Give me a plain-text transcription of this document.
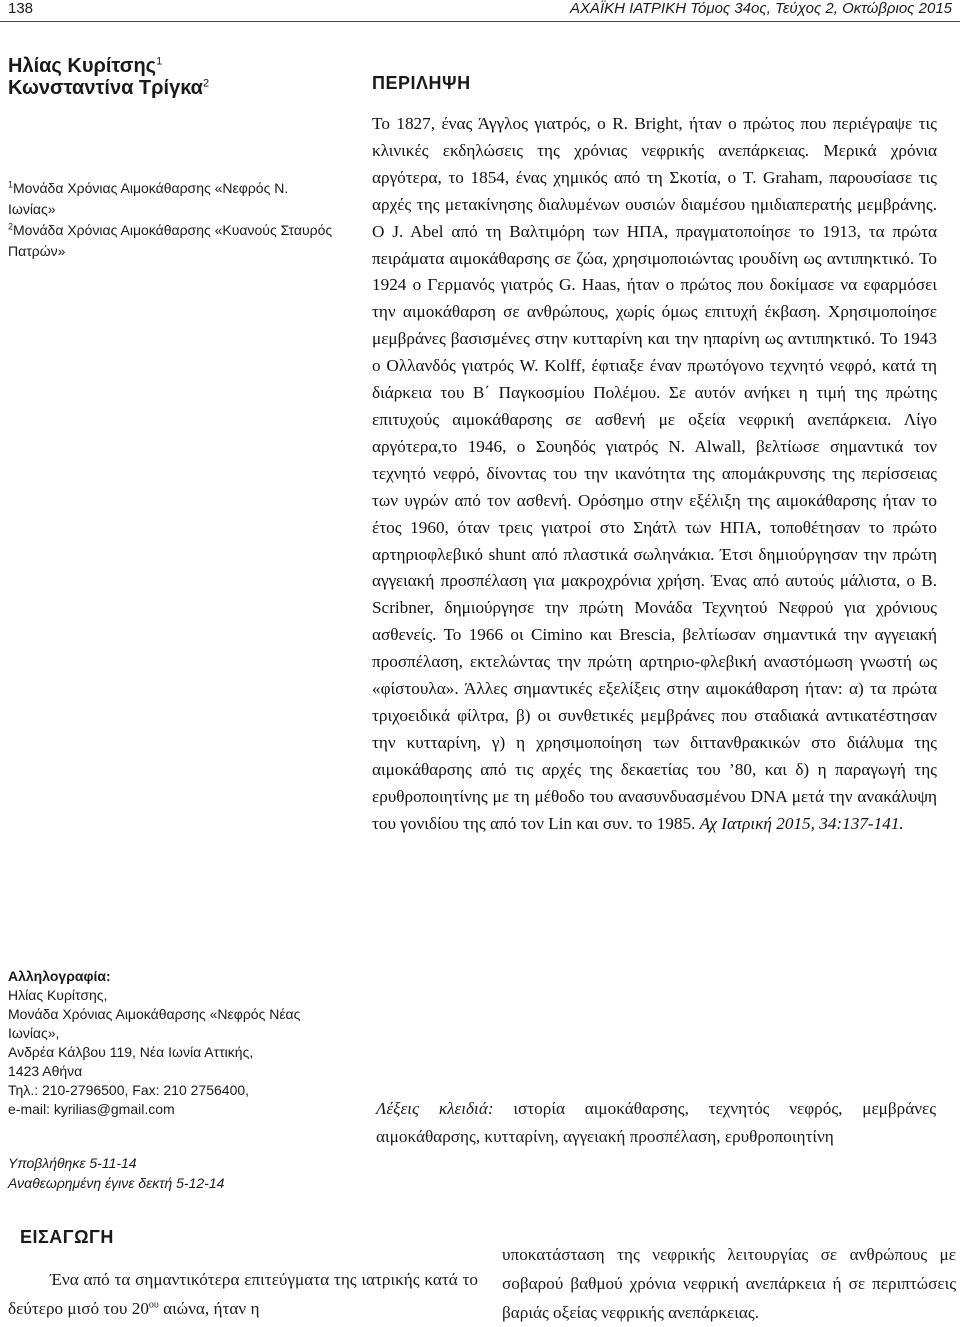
138	ΑΧΑΪΚΗ ΙΑΤΡΙΚΗ Τόμος 34ος, Τεύχος 2, Οκτώβριος 2015
Ηλίας Κυρίτσης$^1$
Κωνσταντίνα Τρίγκα$^2$
$^1$Μονάδα Χρόνιας Αιμοκάθαρσης «Νεφρός Ν. Ιωνίας»
$^2$Μονάδα Χρόνιας Αιμοκάθαρσης «Κυανούς Σταυρός Πατρών»
Αλληλογραφία:
Ηλίας Κυρίτσης,
Μονάδα Χρόνιας Αιμοκάθαρσης «Νεφρός Νέας Ιωνίας»,
Ανδρέα Κάλβου 119, Νέα Ιωνία Αττικής,
1423 Αθήνα
Τηλ.: 210-2796500, Fax: 210 2756400,
e-mail: kyrilias@gmail.com
Υποβλήθηκε 5-11-14
Αναθεωρημένη έγινε δεκτή 5-12-14
ΠΕΡΙΛΗΨΗ
Το 1827, ένας Άγγλος γιατρός, ο R. Bright, ήταν ο πρώτος που περιέγραψε τις κλινικές εκδηλώσεις της χρόνιας νεφρικής ανεπάρκειας. Μερικά χρόνια αργότερα, το 1854, ένας χημικός από τη Σκοτία, ο T. Graham, παρουσίασε τις αρχές της μετακίνησης διαλυμένων ουσιών διαμέσου ημιδιαπερατής μεμβράνης. Ο J. Abel από τη Βαλτιμόρη των ΗΠΑ, πραγματοποίησε το 1913, τα πρώτα πειράματα αιμοκάθαρσης σε ζώα, χρησιμοποιώντας ιρουδίνη ως αντιπηκτικό. Το 1924 ο Γερμανός γιατρός G. Haas, ήταν ο πρώτος που δοκίμασε να εφαρμόσει την αιμοκάθαρση σε ανθρώπους, χωρίς όμως επιτυχή έκβαση. Χρησιμοποίησε μεμβράνες βασισμένες στην κυτταρίνη και την ηπαρίνη ως αντιπηκτικό. Το 1943 ο Ολλανδός γιατρός W. Kolff, έφτιαξε έναν πρωτόγονο τεχνητό νεφρό, κατά τη διάρκεια του Β΄ Παγκοσμίου Πολέμου. Σε αυτόν ανήκει η τιμή της πρώτης επιτυχούς αιμοκάθαρσης σε ασθενή με οξεία νεφρική ανεπάρκεια. Λίγο αργότερα,το 1946, ο Σουηδός γιατρός N. Alwall, βελτίωσε σημαντικά τον τεχνητό νεφρό, δίνοντας του την ικανότητα της απομάκρυνσης της περίσσειας των υγρών από τον ασθενή. Ορόσημο στην εξέλιξη της αιμοκάθαρσης ήταν το έτος 1960, όταν τρεις γιατροί στο Σηάτλ των ΗΠΑ, τοποθέτησαν το πρώτο αρτηριοφλεβικό shunt από πλαστικά σωληνάκια. Έτσι δημιούργησαν την πρώτη αγγειακή προσπέλαση για μακροχρόνια χρήση. Ένας από αυτούς μάλιστα, ο B. Scribner, δημιούργησε την πρώτη Μονάδα Τεχνητού Νεφρού για χρόνιους ασθενείς. Το 1966 οι Cimino και Brescia, βελτίωσαν σημαντικά την αγγειακή προσπέλαση, εκτελώντας την πρώτη αρτηριο-φλεβική αναστόμωση γνωστή ως «φίστουλα». Άλλες σημαντικές εξελίξεις στην αιμοκάθαρση ήταν: α) τα πρώτα τριχοειδικά φίλτρα, β) οι συνθετικές μεμβράνες που σταδιακά αντικατέστησαν την κυτταρίνη, γ) η χρησιμοποίηση των διττανθρακικών στο διάλυμα της αιμοκάθαρσης από τις αρχές της δεκαετίας του ’80, και δ) η παραγωγή της ερυθροποιητίνης με τη μέθοδο του ανασυνδυασμένου DNA μετά την ανακάλυψη του γονιδίου της από τον Lin και συν. το 1985. Αχ Ιατρική 2015, 34:137-141.
Λέξεις κλειδιά: ιστορία αιμοκάθαρσης, τεχνητός νεφρός, μεμβράνες αιμοκάθαρσης, κυτταρίνη, αγγειακή προσπέλαση, ερυθροποιητίνη
ΕΙΣΑΓΩΓΗ
Ένα από τα σημαντικότερα επιτεύγματα της ιατρικής κατά το δεύτερο μισό του $20^{o\upsilon}$ αιώνα, ήταν η
υποκατάσταση της νεφρικής λειτουργίας σε ανθρώπους με σοβαρού βαθμού χρόνια νεφρική ανεπάρκεια ή σε περιπτώσεις βαριάς οξείας νεφρικής ανεπάρκειας.
